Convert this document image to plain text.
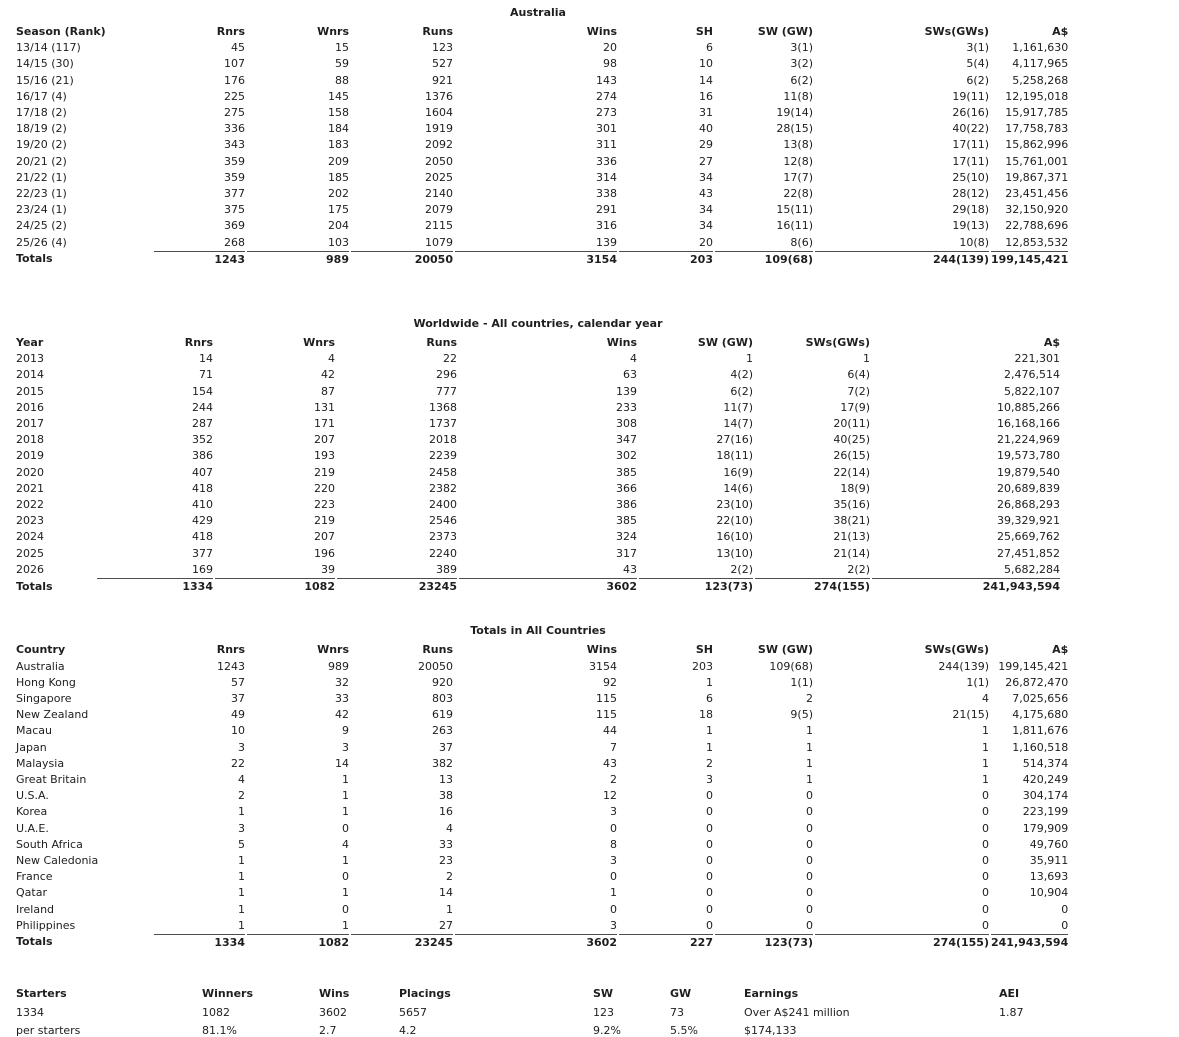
Australia
Season (Rank)	Rnrs	Wnrs	Runs	Wins	SH	SW (GW)	SWs(GWs)	A$
13/14 (117)	45	15	123	20	6	3(1)	3(1)	1,161,630
14/15 (30)	107	59	527	98	10	3(2)	5(4)	4,117,965
15/16 (21)	176	88	921	143	14	6(2)	6(2)	5,258,268
16/17 (4)	225	145	1376	274	16	11(8)	19(11)	12,195,018
17/18 (2)	275	158	1604	273	31	19(14)	26(16)	15,917,785
18/19 (2)	336	184	1919	301	40	28(15)	40(22)	17,758,783
19/20 (2)	343	183	2092	311	29	13(8)	17(11)	15,862,996
20/21 (2)	359	209	2050	336	27	12(8)	17(11)	15,761,001
21/22 (1)	359	185	2025	314	34	17(7)	25(10)	19,867,371
22/23 (1)	377	202	2140	338	43	22(8)	28(12)	23,451,456
23/24 (1)	375	175	2079	291	34	15(11)	29(18)	32,150,920
24/25 (2)	369	204	2115	316	34	16(11)	19(13)	22,788,696
25/26 (4)	268	103	1079	139	20	8(6)	10(8)	12,853,532
Totals	1243	989	20050	3154	203	109(68)	244(139)	199,145,421
Worldwide - All countries, calendar year
Year	Rnrs	Wnrs	Runs	Wins	SW (GW)	SWs(GWs)	A$
2013	14	4	22	4	1	1	221,301
2014	71	42	296	63	4(2)	6(4)	2,476,514
2015	154	87	777	139	6(2)	7(2)	5,822,107
2016	244	131	1368	233	11(7)	17(9)	10,885,266
2017	287	171	1737	308	14(7)	20(11)	16,168,166
2018	352	207	2018	347	27(16)	40(25)	21,224,969
2019	386	193	2239	302	18(11)	26(15)	19,573,780
2020	407	219	2458	385	16(9)	22(14)	19,879,540
2021	418	220	2382	366	14(6)	18(9)	20,689,839
2022	410	223	2400	386	23(10)	35(16)	26,868,293
2023	429	219	2546	385	22(10)	38(21)	39,329,921
2024	418	207	2373	324	16(10)	21(13)	25,669,762
2025	377	196	2240	317	13(10)	21(14)	27,451,852
2026	169	39	389	43	2(2)	2(2)	5,682,284
Totals	1334	1082	23245	3602	123(73)	274(155)	241,943,594
Totals in All Countries
Country	Rnrs	Wnrs	Runs	Wins	SH	SW (GW)	SWs(GWs)	A$
Australia	1243	989	20050	3154	203	109(68)	244(139)	199,145,421
Hong Kong	57	32	920	92	1	1(1)	1(1)	26,872,470
Singapore	37	33	803	115	6	2	4	7,025,656
New Zealand	49	42	619	115	18	9(5)	21(15)	4,175,680
Macau	10	9	263	44	1	1	1	1,811,676
Japan	3	3	37	7	1	1	1	1,160,518
Malaysia	22	14	382	43	2	1	1	514,374
Great Britain	4	1	13	2	3	1	1	420,249
U.S.A.	2	1	38	12	0	0	0	304,174
Korea	1	1	16	3	0	0	0	223,199
U.A.E.	3	0	4	0	0	0	0	179,909
South Africa	5	4	33	8	0	0	0	49,760
New Caledonia	1	1	23	3	0	0	0	35,911
France	1	0	2	0	0	0	0	13,693
Qatar	1	1	14	1	0	0	0	10,904
Ireland	1	0	1	0	0	0	0	0
Philippines	1	1	27	3	0	0	0	0
Totals	1334	1082	23245	3602	227	123(73)	274(155)	241,943,594
Starters	Winners	Wins	Placings	SW	GW	Earnings	AEI
1334	1082	3602	5657	123	73	Over A$241 million	1.87
per starters	81.1%	2.7	4.2	9.2%	5.5%	$174,133	
